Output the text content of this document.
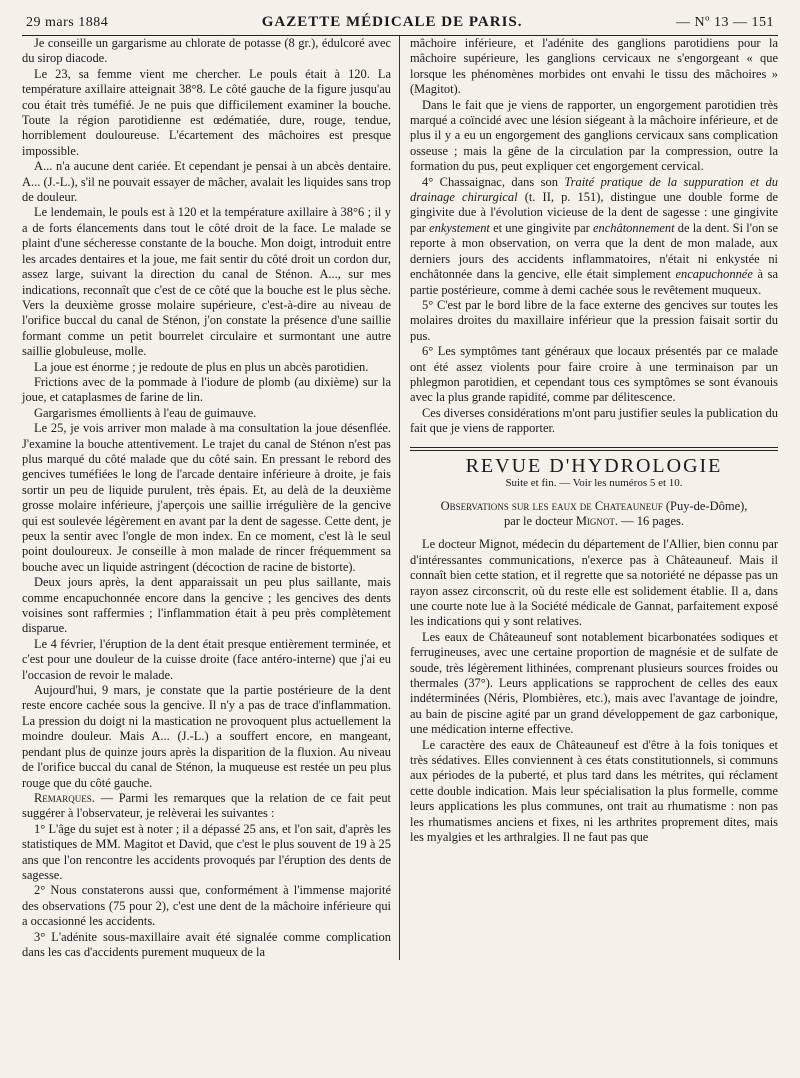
29 mars 1884	GAZETTE MÉDICALE DE PARIS.	— Nº 13 — 151

Je conseille un gargarisme au chlorate de potasse (8 gr.), édulcoré avec du sirop diacode.

Le 23, sa femme vient me chercher. Le pouls était à 120. La température axillaire atteignait 38°8. Le côté gauche de la figure jusqu'au cou était très tuméfié. Je ne puis que difficilement examiner la bouche. Toute la région parotidienne est œdématiée, dure, rouge, tendue, horriblement douloureuse. L'écartement des mâchoires est presque impossible.

A... n'a aucune dent cariée. Et cependant je pensai à un abcès dentaire. A... (J.-L.), s'il ne pouvait essayer de mâcher, avalait les liquides sans trop de douleur.

Le lendemain, le pouls est à 120 et la température axillaire à 38°6 ; il y a de forts élancements dans tout le côté droit de la face. Le malade se plaint d'une sécheresse constante de la bouche. Mon doigt, introduit entre les arcades dentaires et la joue, me fait sentir du côté droit un cordon dur, assez large, suivant la direction du canal de Sténon. A..., sur mes indications, reconnaît que c'est de ce côté que la bouche est le plus sèche. Vers la deuxième grosse molaire supérieure, c'est-à-dire au niveau de l'orifice buccal du canal de Sténon, j'on constate la présence d'une saillie formant comme un petit bourrelet circulaire et surmontant une autre saillie globuleuse, molle.

La joue est énorme ; je redoute de plus en plus un abcès parotidien.

Frictions avec de la pommade à l'iodure de plomb (au dixième) sur la joue, et cataplasmes de farine de lin.

Gargarismes émollients à l'eau de guimauve.

Le 25, je vois arriver mon malade à ma consultation la joue désenflée. J'examine la bouche attentivement. Le trajet du canal de Sténon n'est pas plus marqué du côté malade que du côté sain. En pressant le rebord des gencives tuméfiées le long de l'arcade dentaire inférieure à droite, je fais sortir un peu de liquide purulent, très épais. Et, au delà de la deuxième grosse molaire inférieure, j'aperçois une saillie irrégulière de la gencive qui est soulevée légèrement en avant par la dent de sagesse. Cette dent, je peux la sentir avec l'ongle de mon index. En ce moment, c'est là le seul point douloureux. Je conseille à mon malade de rincer fréquemment sa bouche avec un liquide astringent (décoction de racine de bistorte).

Deux jours après, la dent apparaissait un peu plus saillante, mais comme encapuchonnée encore dans la gencive ; les gencives des dents voisines sont raffermies ; l'inflammation était à peu près complètement disparue.

Le 4 février, l'éruption de la dent était presque entièrement terminée, et c'est pour une douleur de la cuisse droite (face antéro-interne) que j'ai eu l'occasion de revoir le malade.

Aujourd'hui, 9 mars, je constate que la partie postérieure de la dent reste encore cachée sous la gencive. Il n'y a pas de trace d'inflammation. La pression du doigt ni la mastication ne provoquent plus actuellement la moindre douleur. Mais A... (J.-L.) a souffert encore, en mangeant, pendant plus de quinze jours après la disparition de la fluxion. Au niveau de l'orifice buccal du canal de Sténon, la muqueuse est restée un peu plus rouge que du côté gauche.

Remarques. — Parmi les remarques que la relation de ce fait peut suggérer à l'observateur, je relèverai les suivantes :

1° L'âge du sujet est à noter ; il a dépassé 25 ans, et l'on sait, d'après les statistiques de MM. Magitot et David, que c'est le plus souvent de 19 à 25 ans que l'on rencontre les accidents provoqués par l'éruption des dents de sagesse.

2° Nous constaterons aussi que, conformément à l'immense majorité des observations (75 pour 2), c'est une dent de la mâchoire inférieure qui a occasionné les accidents.

3° L'adénite sous-maxillaire avait été signalée comme complication dans les cas d'accidents purement muqueux de la

mâchoire inférieure, et l'adénite des ganglions parotidiens pour la mâchoire supérieure, les ganglions cervicaux ne s'engorgeant « que lorsque les phénomènes morbides ont envahi le tissu des mâchoires » (Magitot).

Dans le fait que je viens de rapporter, un engorgement parotidien très marqué a coïncidé avec une lésion siégeant à la mâchoire inférieure, et de plus il y a eu un engorgement des ganglions cervicaux sans complication osseuse ; mais la gêne de la circulation par la compression, outre la formation du pus, peut expliquer cet engorgement cervical.

4° Chassaignac, dans son Traité pratique de la suppuration et du drainage chirurgical (t. II, p. 151), distingue une double forme de gingivite due à l'évolution vicieuse de la dent de sagesse : une gingivite par enkystement et une gingivite par enchâtonnement de la dent. Si l'on se reporte à mon observation, on verra que la dent de mon malade, aux derniers jours des accidents inflammatoires, n'était ni enkystée ni enchâtonnée dans la gencive, elle était simplement encapuchonnée à sa partie postérieure, comme à demi cachée sous le revêtement muqueux.

5° C'est par le bord libre de la face externe des gencives sur toutes les molaires droites du maxillaire inférieur que la pression faisait sortir du pus.

6° Les symptômes tant généraux que locaux présentés par ce malade ont été assez violents pour faire croire à une terminaison par un phlegmon parotidien, et cependant tous ces symptômes se sont évanouis avec la plus grande rapidité, comme par délitescence.

Ces diverses considérations m'ont paru justifier seules la publication du fait que je viens de rapporter.

REVUE D'HYDROLOGIE
Suite et fin. — Voir les numéros 5 et 10.
Observations sur les eaux de Chateauneuf (Puy-de-Dôme),
par le docteur Mignot. — 16 pages.

Le docteur Mignot, médecin du département de l'Allier, bien connu par d'intéressantes communications, n'exerce pas à Châteauneuf. Mais il connaît bien cette station, et il regrette que sa notoriété ne dépasse pas un rayon assez circonscrit, où du reste elle est solidement établie. Il a, dans une courte note lue à la Société médicale de Gannat, parfaitement exposé les indications qui y sont relatives.

Les eaux de Châteauneuf sont notablement bicarbonatées sodiques et ferrugineuses, avec une certaine proportion de magnésie et de sulfate de soude, très légèrement lithinées, comprenant plusieurs sources froides ou thermales (37°). Leurs applications se rapprochent de celles des eaux indéterminées (Néris, Plombières, etc.), mais avec l'avantage de joindre, au bain de piscine agité par un grand développement de gaz carbonique, une médication interne effective.

Le caractère des eaux de Châteauneuf est d'être à la fois toniques et très sédatives. Elles conviennent à ces états constitutionnels, si communs aux périodes de la puberté, et plus tard dans les métrites, qui réclament cette double indication. Mais leur spécialisation la plus formelle, comme leurs applications les plus communes, ont trait au rhumatisme : non pas les rhumatismes anciens et fixes, ni les arthrites proprement dites, mais les myalgies et les arthralgies. Il ne faut pas que
